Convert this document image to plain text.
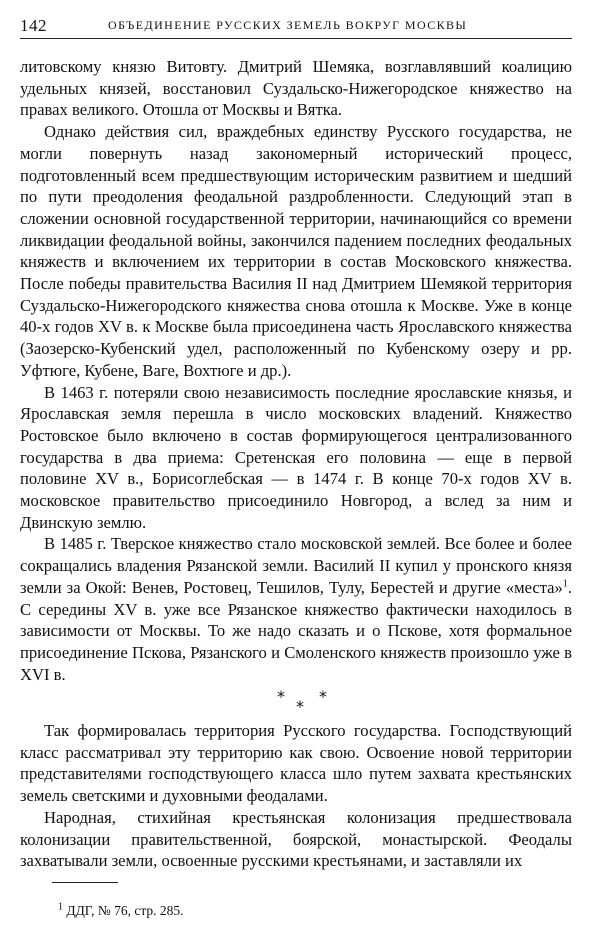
142	ОБЪЕДИНЕНИЕ РУССКИХ ЗЕМЕЛЬ ВОКРУГ МОСКВЫ

литовскому князю Витовту. Дмитрий Шемяка, возглавлявший коалицию удельных князей, восстановил Суздальско-Нижегородское княжество на правах великого. Отошла от Москвы и Вятка.

Однако действия сил, враждебных единству Русского государства, не могли повернуть назад закономерный исторический процесс, подготовленный всем предшествующим историческим развитием и шедший по пути преодоления феодальной раздробленности. Следующий этап в сложении основной государственной территории, начинающийся со времени ликвидации феодальной войны, закончился падением последних феодальных княжеств и включением их территории в состав Московского княжества. После победы правительства Василия II над Дмитрием Шемякой территория Суздальско-Нижегородского княжества снова отошла к Москве. Уже в конце 40-х годов XV в. к Москве была присоединена часть Ярославского княжества (Заозерско-Кубенский удел, расположенный по Кубенскому озеру и рр. Уфтюге, Кубене, Ваге, Вохтюге и др.).

В 1463 г. потеряли свою независимость последние ярославские князья, и Ярославская земля перешла в число московских владений. Княжество Ростовское было включено в состав формирующегося централизованного государства в два приема: Сретенская его половина — еще в первой половине XV в., Борисоглебская — в 1474 г. В конце 70-х годов XV в. московское правительство присоединило Новгород, а вслед за ним и Двинскую землю.

В 1485 г. Тверское княжество стало московской землей. Все более и более сокращались владения Рязанской земли. Василий II купил у пронского князя земли за Окой: Венев, Ростовец, Тешилов, Тулу, Берестей и другие «места»$^1$. С середины XV в. уже все Рязанское княжество фактически находилось в зависимости от Москвы. То же надо сказать и о Пскове, хотя формальное присоединение Пскова, Рязанского и Смоленского княжеств произошло уже в XVI в.

*
*
*

Так формировалась территория Русского государства. Господствующий класс рассматривал эту территорию как свою. Освоение новой территории представителями господствующего класса шло путем захвата крестьянских земель светскими и духовными феодалами.

Народная, стихийная крестьянская колонизация предшествовала колонизации правительственной, боярской, монастырской. Феодалы захватывали земли, освоенные русскими крестьянами, и заставляли их

$^1$ ДДГ, № 76, стр. 285.
